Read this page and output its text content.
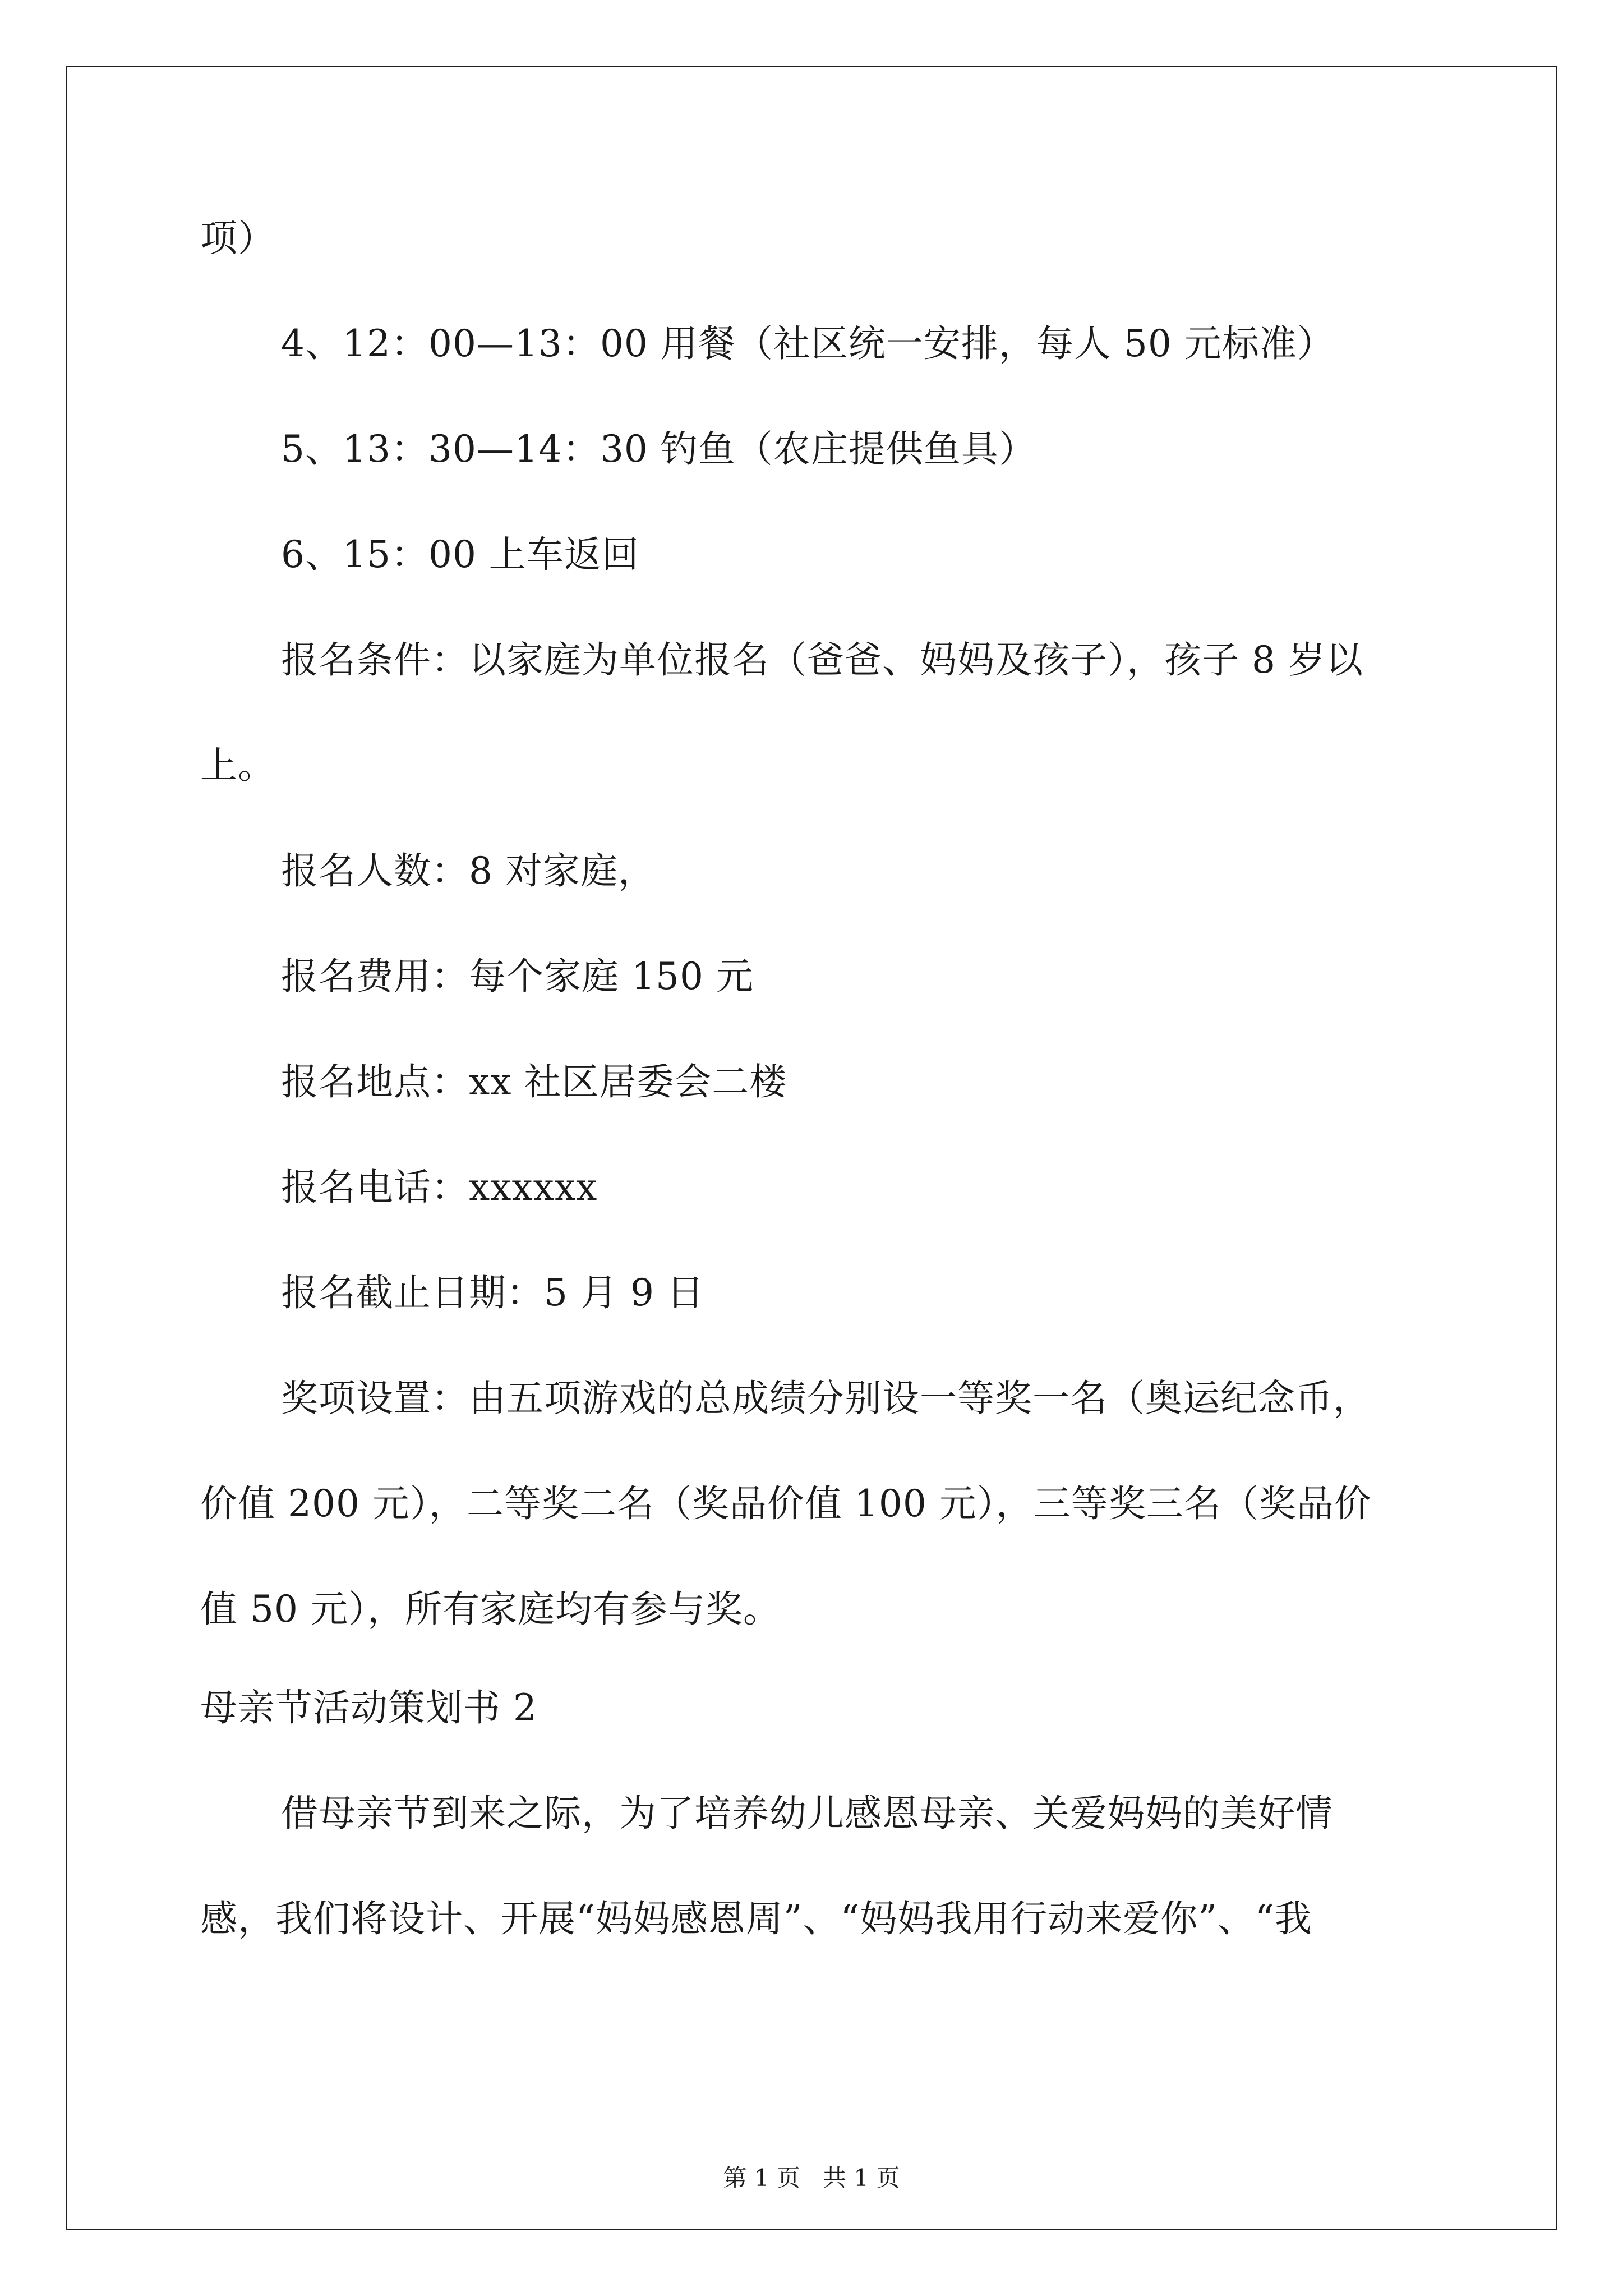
项）
4、12：00—13：00 用餐（社区统一安排，每人 50 元标准）
5、13：30—14：30 钓鱼（农庄提供鱼具）
6、15：00 上车返回
报名条件：以家庭为单位报名（爸爸、妈妈及孩子），孩子 8 岁以
上。
报名人数：8 对家庭，
报名费用：每个家庭 150 元
报名地点：xx 社区居委会二楼
报名电话：xxxxxx
报名截止日期：5 月 9 日
奖项设置：由五项游戏的总成绩分别设一等奖一名（奥运纪念币，
价值 200 元），二等奖二名（奖品价值 100 元），三等奖三名（奖品价
值 50 元），所有家庭均有参与奖。
母亲节活动策划书 2
借母亲节到来之际，为了培养幼儿感恩母亲、关爱妈妈的美好情
感，我们将设计、开展“妈妈感恩周”、“妈妈我用行动来爱你”、“我
第 1 页   共 1 页
